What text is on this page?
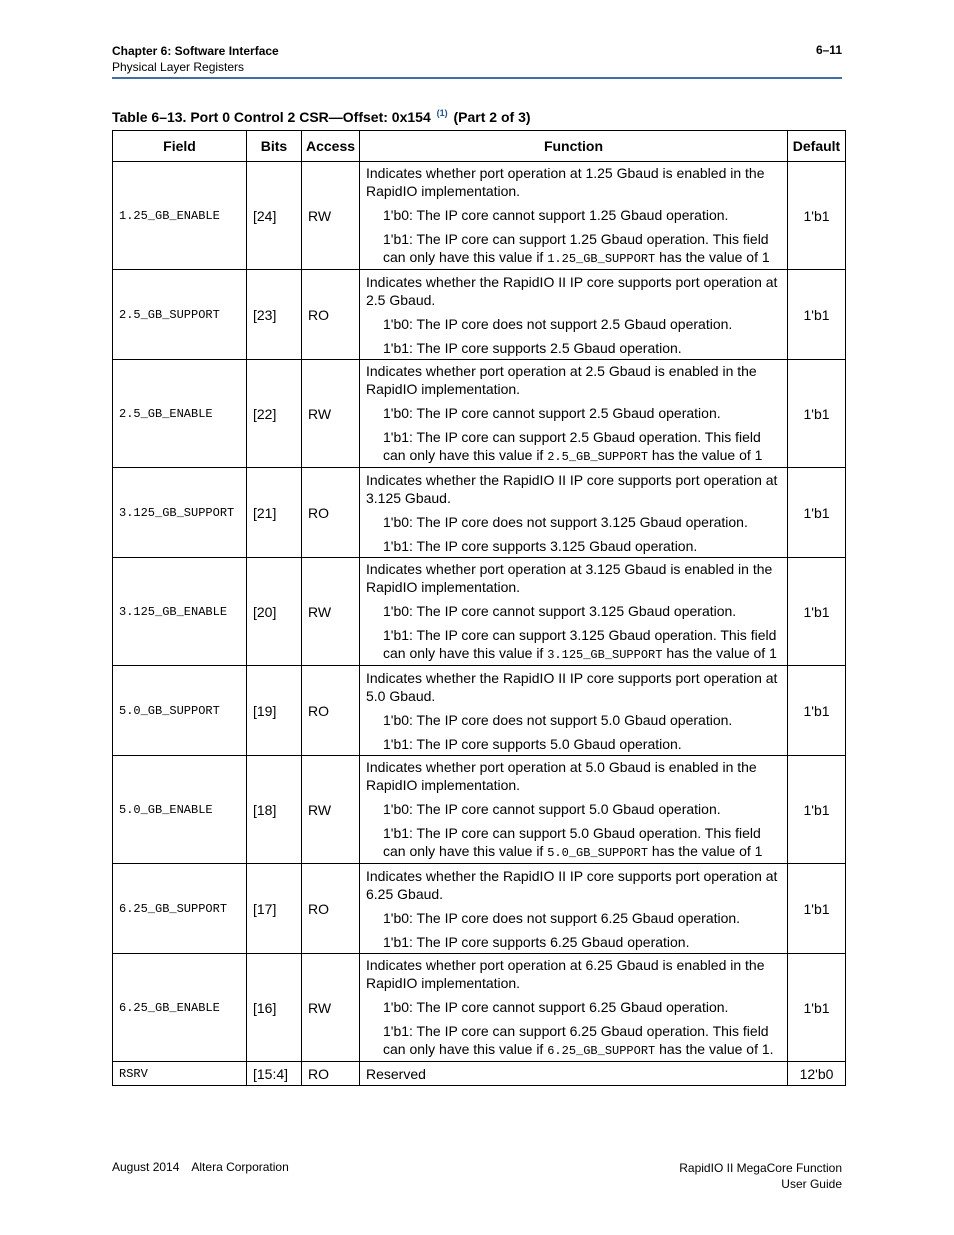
Chapter 6: Software Interface
Physical Layer Registers
6–11
Table 6–13. Port 0 Control 2 CSR—Offset: 0x154 $^{(1)}$ (Part 2 of 3)
Field	Bits	Access	Function	Default
1.25_GB_ENABLE	[24]	RW	Indicates whether port operation at 1.25 Gbaud is enabled in the RapidIO implementation.

1'b0: The IP core cannot support 1.25 Gbaud operation.

1'b1: The IP core can support 1.25 Gbaud operation. This field can only have this value if 1.25_GB_SUPPORT has the value of 1	1'b1
2.5_GB_SUPPORT	[23]	RO	Indicates whether the RapidIO II IP core supports port operation at 2.5 Gbaud.

1'b0: The IP core does not support 2.5 Gbaud operation.

1'b1: The IP core supports 2.5 Gbaud operation.	1'b1
2.5_GB_ENABLE	[22]	RW	Indicates whether port operation at 2.5 Gbaud is enabled in the RapidIO implementation.

1'b0: The IP core cannot support 2.5 Gbaud operation.

1'b1: The IP core can support 2.5 Gbaud operation. This field can only have this value if 2.5_GB_SUPPORT has the value of 1	1'b1
3.125_GB_SUPPORT	[21]	RO	Indicates whether the RapidIO II IP core supports port operation at 3.125 Gbaud.

1'b0: The IP core does not support 3.125 Gbaud operation.

1'b1: The IP core supports 3.125 Gbaud operation.	1'b1
3.125_GB_ENABLE	[20]	RW	Indicates whether port operation at 3.125 Gbaud is enabled in the RapidIO implementation.

1'b0: The IP core cannot support 3.125 Gbaud operation.

1'b1: The IP core can support 3.125 Gbaud operation. This field can only have this value if 3.125_GB_SUPPORT has the value of 1	1'b1
5.0_GB_SUPPORT	[19]	RO	Indicates whether the RapidIO II IP core supports port operation at 5.0 Gbaud.

1'b0: The IP core does not support 5.0 Gbaud operation.

1'b1: The IP core supports 5.0 Gbaud operation.	1'b1
5.0_GB_ENABLE	[18]	RW	Indicates whether port operation at 5.0 Gbaud is enabled in the RapidIO implementation.

1'b0: The IP core cannot support 5.0 Gbaud operation.

1'b1: The IP core can support 5.0 Gbaud operation. This field can only have this value if 5.0_GB_SUPPORT has the value of 1	1'b1
6.25_GB_SUPPORT	[17]	RO	Indicates whether the RapidIO II IP core supports port operation at 6.25 Gbaud.

1'b0: The IP core does not support 6.25 Gbaud operation.

1'b1: The IP core supports 6.25 Gbaud operation.	1'b1
6.25_GB_ENABLE	[16]	RW	Indicates whether port operation at 6.25 Gbaud is enabled in the RapidIO implementation.

1'b0: The IP core cannot support 6.25 Gbaud operation.

1'b1: The IP core can support 6.25 Gbaud operation. This field can only have this value if 6.25_GB_SUPPORT has the value of 1.	1'b1
RSRV	[15:4]	RO	Reserved	12'b0
August 2014 Altera Corporation	RapidIO II MegaCore Function
User Guide
